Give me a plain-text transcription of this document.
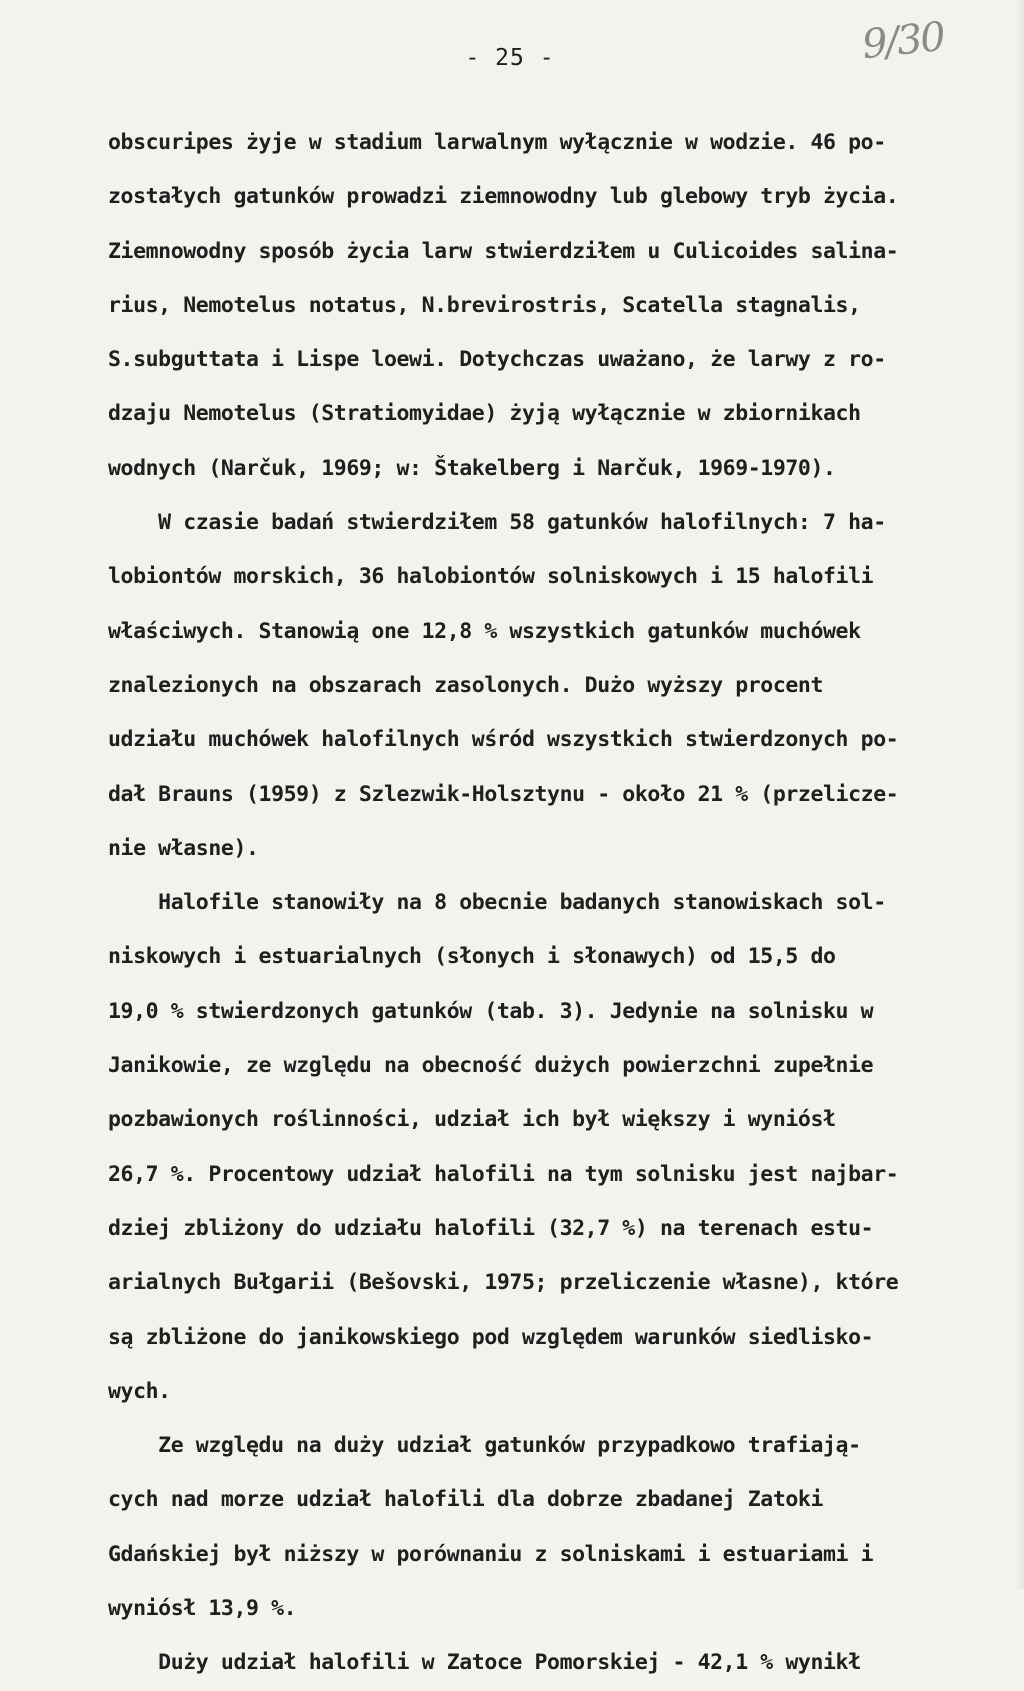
- 25 -	9/30
obscuripes żyje w stadium larwalnym wyłącznie w wodzie. 46 po-
zostałych gatunków prowadzi ziemnowodny lub glebowy tryb życia.
Ziemnowodny sposób życia larw stwierdziłem u Culicoides salina-
rius, Nemotelus notatus, N.brevirostris, Scatella stagnalis,
S.subguttata i Lispe loewi. Dotychczas uważano, że larwy z ro-
dzaju Nemotelus (Stratiomyidae) żyją wyłącznie w zbiornikach
wodnych (Narčuk, 1969; w: Štakelberg i Narčuk, 1969-1970).
W czasie badań stwierdziłem 58 gatunków halofilnych: 7 ha-
lobiontów morskich, 36 halobiontów solniskowych i 15 halofili
właściwych. Stanowią one 12,8 % wszystkich gatunków muchówek
znalezionych na obszarach zasolonych. Dużo wyższy procent
udziału muchówek halofilnych wśród wszystkich stwierdzonych po-
dał Brauns (1959) z Szlezwik-Holsztynu - około 21 % (przelicze-
nie własne).
Halofile stanowiły na 8 obecnie badanych stanowiskach sol-
niskowych i estuarialnych (słonych i słonawych) od 15,5 do
19,0 % stwierdzonych gatunków (tab. 3). Jedynie na solnisku w
Janikowie, ze względu na obecność dużych powierzchni zupełnie
pozbawionych roślinności, udział ich był większy i wyniósł
26,7 %. Procentowy udział halofili na tym solnisku jest najbar-
dziej zbliżony do udziału halofili (32,7 %) na terenach estu-
arialnych Bułgarii (Bešovski, 1975; przeliczenie własne), które
są zbliżone do janikowskiego pod względem warunków siedlisko-
wych.
Ze względu na duży udział gatunków przypadkowo trafiają-
cych nad morze udział halofili dla dobrze zbadanej Zatoki
Gdańskiej był niższy w porównaniu z solniskami i estuariami i
wyniósł 13,9 %.
Duży udział halofili w Zatoce Pomorskiej - 42,1 % wynikł
